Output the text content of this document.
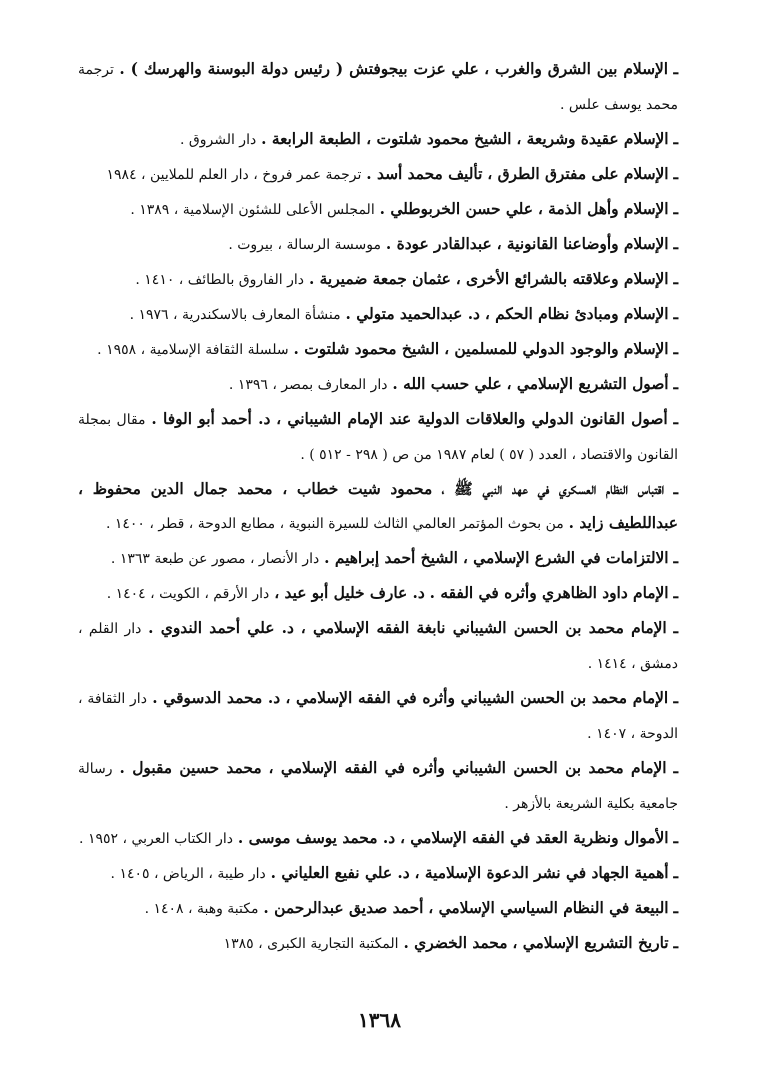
ـ الإسلام بين الشرق والغرب ، علي عزت بيجوفتش ( رئيس دولة البوسنة والهرسك ) . ترجمة محمد يوسف علس .

ـ الإسلام عقيدة وشريعة ، الشيخ محمود شلتوت ، الطبعة الرابعة . دار الشروق .

ـ الإسلام على مفترق الطرق ، تأليف محمد أسد . ترجمة عمر فروخ ، دار العلم للملايين ، ١٩٨٤

ـ الإسلام وأهل الذمة ، علي حسن الخربوطلي . المجلس الأعلى للشئون الإسلامية ، ١٣٨٩ .

ـ الإسلام وأوضاعنا القانونية ، عبدالقادر عودة . موسسة الرسالة ، بيروت .

ـ الإسلام وعلاقته بالشرائع الأخرى ، عثمان جمعة ضميرية . دار الفاروق بالطائف ، ١٤١٠ .

ـ الإسلام ومبادئ نظام الحكم ، د. عبدالحميد متولي . منشأة المعارف بالاسكندرية ، ١٩٧٦ .

ـ الإسلام والوجود الدولي للمسلمين ، الشيخ محمود شلتوت . سلسلة الثقافة الإسلامية ، ١٩٥٨ .

ـ أصول التشريع الإسلامي ، علي حسب الله . دار المعارف بمصر ، ١٣٩٦ .

ـ أصول القانون الدولي والعلاقات الدولية عند الإمام الشيباني ، د. أحمد أبو الوفا . مقال بمجلة القانون والاقتصاد ، العدد ( ٥٧ ) لعام ١٩٨٧ من ص ( ٢٩٨ - ٥١٢ ) .

ـ اقتباس النظام العسكري في عهد النبي ﷺ ، محمود شيت خطاب ، محمد جمال الدين محفوظ ، عبداللطيف زايد . من بحوث المؤتمر العالمي الثالث للسيرة النبوية ، مطابع الدوحة ، قطر ، ١٤٠٠ .

ـ الالتزامات في الشرع الإسلامي ، الشيخ أحمد إبراهيم . دار الأنصار ، مصور عن طبعة ١٣٦٣ .

ـ الإمام داود الظاهري وأثره في الفقه . د. عارف خليل أبو عيد ، دار الأرقم ، الكويت ، ١٤٠٤ .

ـ الإمام محمد بن الحسن الشيباني نابغة الفقه الإسلامي ، د. علي أحمد الندوي . دار القلم ، دمشق ، ١٤١٤ .

ـ الإمام محمد بن الحسن الشيباني وأثره في الفقه الإسلامي ، د. محمد الدسوقي . دار الثقافة ، الدوحة ، ١٤٠٧ .

ـ الإمام محمد بن الحسن الشيباني وأثره في الفقه الإسلامي ، محمد حسين مقبول . رسالة جامعية بكلية الشريعة بالأزهر .

ـ الأموال ونظرية العقد في الفقه الإسلامي ، د. محمد يوسف موسى . دار الكتاب العربي ، ١٩٥٢ .

ـ أهمية الجهاد في نشر الدعوة الإسلامية ، د. علي نفيع العلياني . دار طيبة ، الرياض ، ١٤٠٥ .

ـ البيعة في النظام السياسي الإسلامي ، أحمد صديق عبدالرحمن . مكتبة وهبة ، ١٤٠٨ .

ـ تاريخ التشريع الإسلامي ، محمد الخضري . المكتبة التجارية الكبرى ، ١٣٨٥

١٣٦٨
